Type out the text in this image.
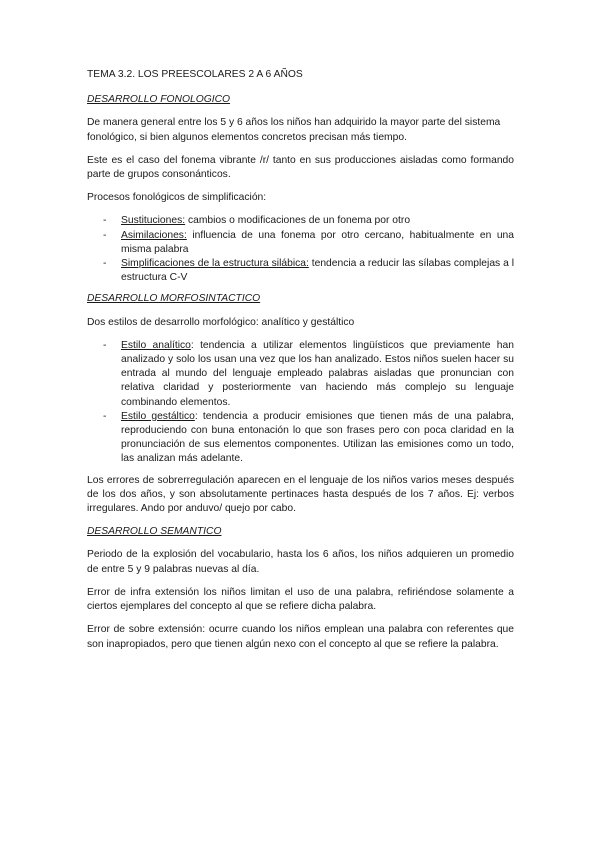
TEMA 3.2. LOS PREESCOLARES 2 A 6 AÑOS

DESARROLLO FONOLOGICO

De manera general entre los 5 y 6 años los niños han adquirido la mayor parte del sistema fonológico, si bien algunos elementos concretos precisan más tiempo.

Este es el caso del fonema vibrante /r/ tanto en sus producciones aisladas como formando parte de grupos consonánticos.

Procesos fonológicos de simplificación:

- Sustituciones: cambios o modificaciones de un fonema por otro
- Asimilaciones: influencia de una fonema por otro cercano, habitualmente en una misma palabra
- Simplificaciones de la estructura silábica: tendencia a reducir las sílabas complejas a l estructura C-V

DESARROLLO MORFOSINTACTICO

Dos estilos de desarrollo morfológico: analítico y gestáltico

- Estilo analítico: tendencia a utilizar elementos lingüísticos que previamente han analizado y solo los usan una vez que los han analizado. Estos niños suelen hacer su entrada al mundo del lenguaje empleado palabras aisladas que pronuncian con relativa claridad y posteriormente van haciendo más complejo su lenguaje combinando elementos.
- Estilo gestáltico: tendencia a producir emisiones que tienen más de una palabra, reproduciendo con buna entonación lo que son frases pero con poca claridad en la pronunciación de sus elementos componentes. Utilizan las emisiones como un todo, las analizan más adelante.

Los errores de sobrerregulación aparecen en el lenguaje de los niños varios meses después de los dos años, y son absolutamente pertinaces hasta después de los 7 años. Ej: verbos irregulares. Ando por anduvo/ quejo por cabo.

DESARROLLO SEMANTICO

Periodo de la explosión del vocabulario, hasta los 6 años, los niños adquieren un promedio de entre 5 y 9 palabras nuevas al día.

Error de infra extensión los niños limitan el uso de una palabra, refiriéndose solamente a ciertos ejemplares del concepto al que se refiere dicha palabra.

Error de sobre extensión: ocurre cuando los niños emplean una palabra con referentes que son inapropiados, pero que tienen algún nexo con el concepto al que se refiere la palabra.
